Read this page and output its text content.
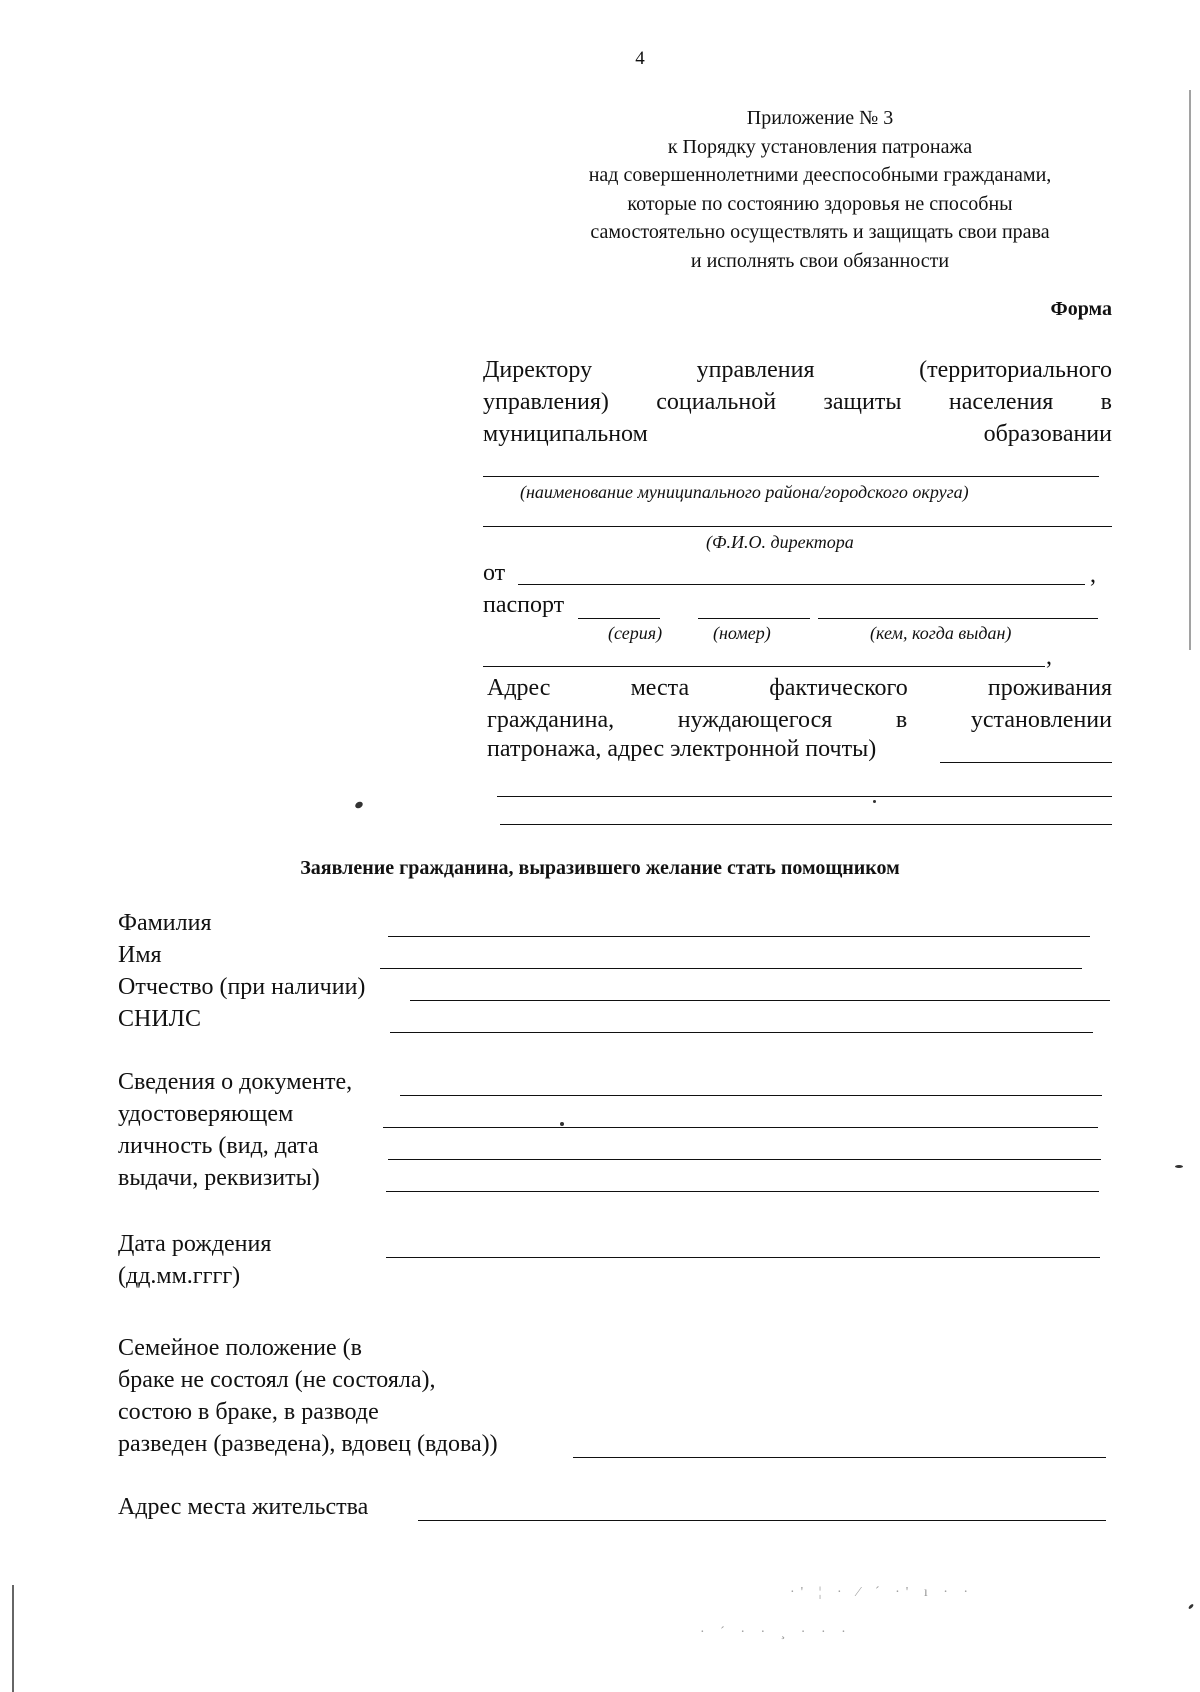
4
Приложение № 3
к Порядку установления патронажа
над совершеннолетними дееспособными гражданами,
которые по состоянию здоровья не способны
самостоятельно осуществлять и защищать свои права
и исполнять свои обязанности
Форма
Директору управления (территориального
управления) социальной защиты населения в
муниципальном образовании
(наименование муниципального района/городского округа)
(Ф.И.О. директора
от	,
паспорт
(серия)	(номер)	(кем, когда выдан)
,
Адрес места фактического проживания
гражданина, нуждающегося в установлении
патронажа, адрес электронной почты)
Заявление гражданина, выразившего желание стать помощником
Фамилия
Имя
Отчество (при наличии)
СНИЛС
Сведения о документе,
удостоверяющем
личность (вид, дата
выдачи, реквизиты)
Дата рождения
(дд.мм.гггг)
Семейное положение (в
браке не состоял (не состояла),
состою в браке, в разводе
разведен (разведена), вдовец (вдова))
Адрес места жительства
·' ¦ · ⁄ ´ ·' ı · ·
· ´ · · ¸ · · ·
